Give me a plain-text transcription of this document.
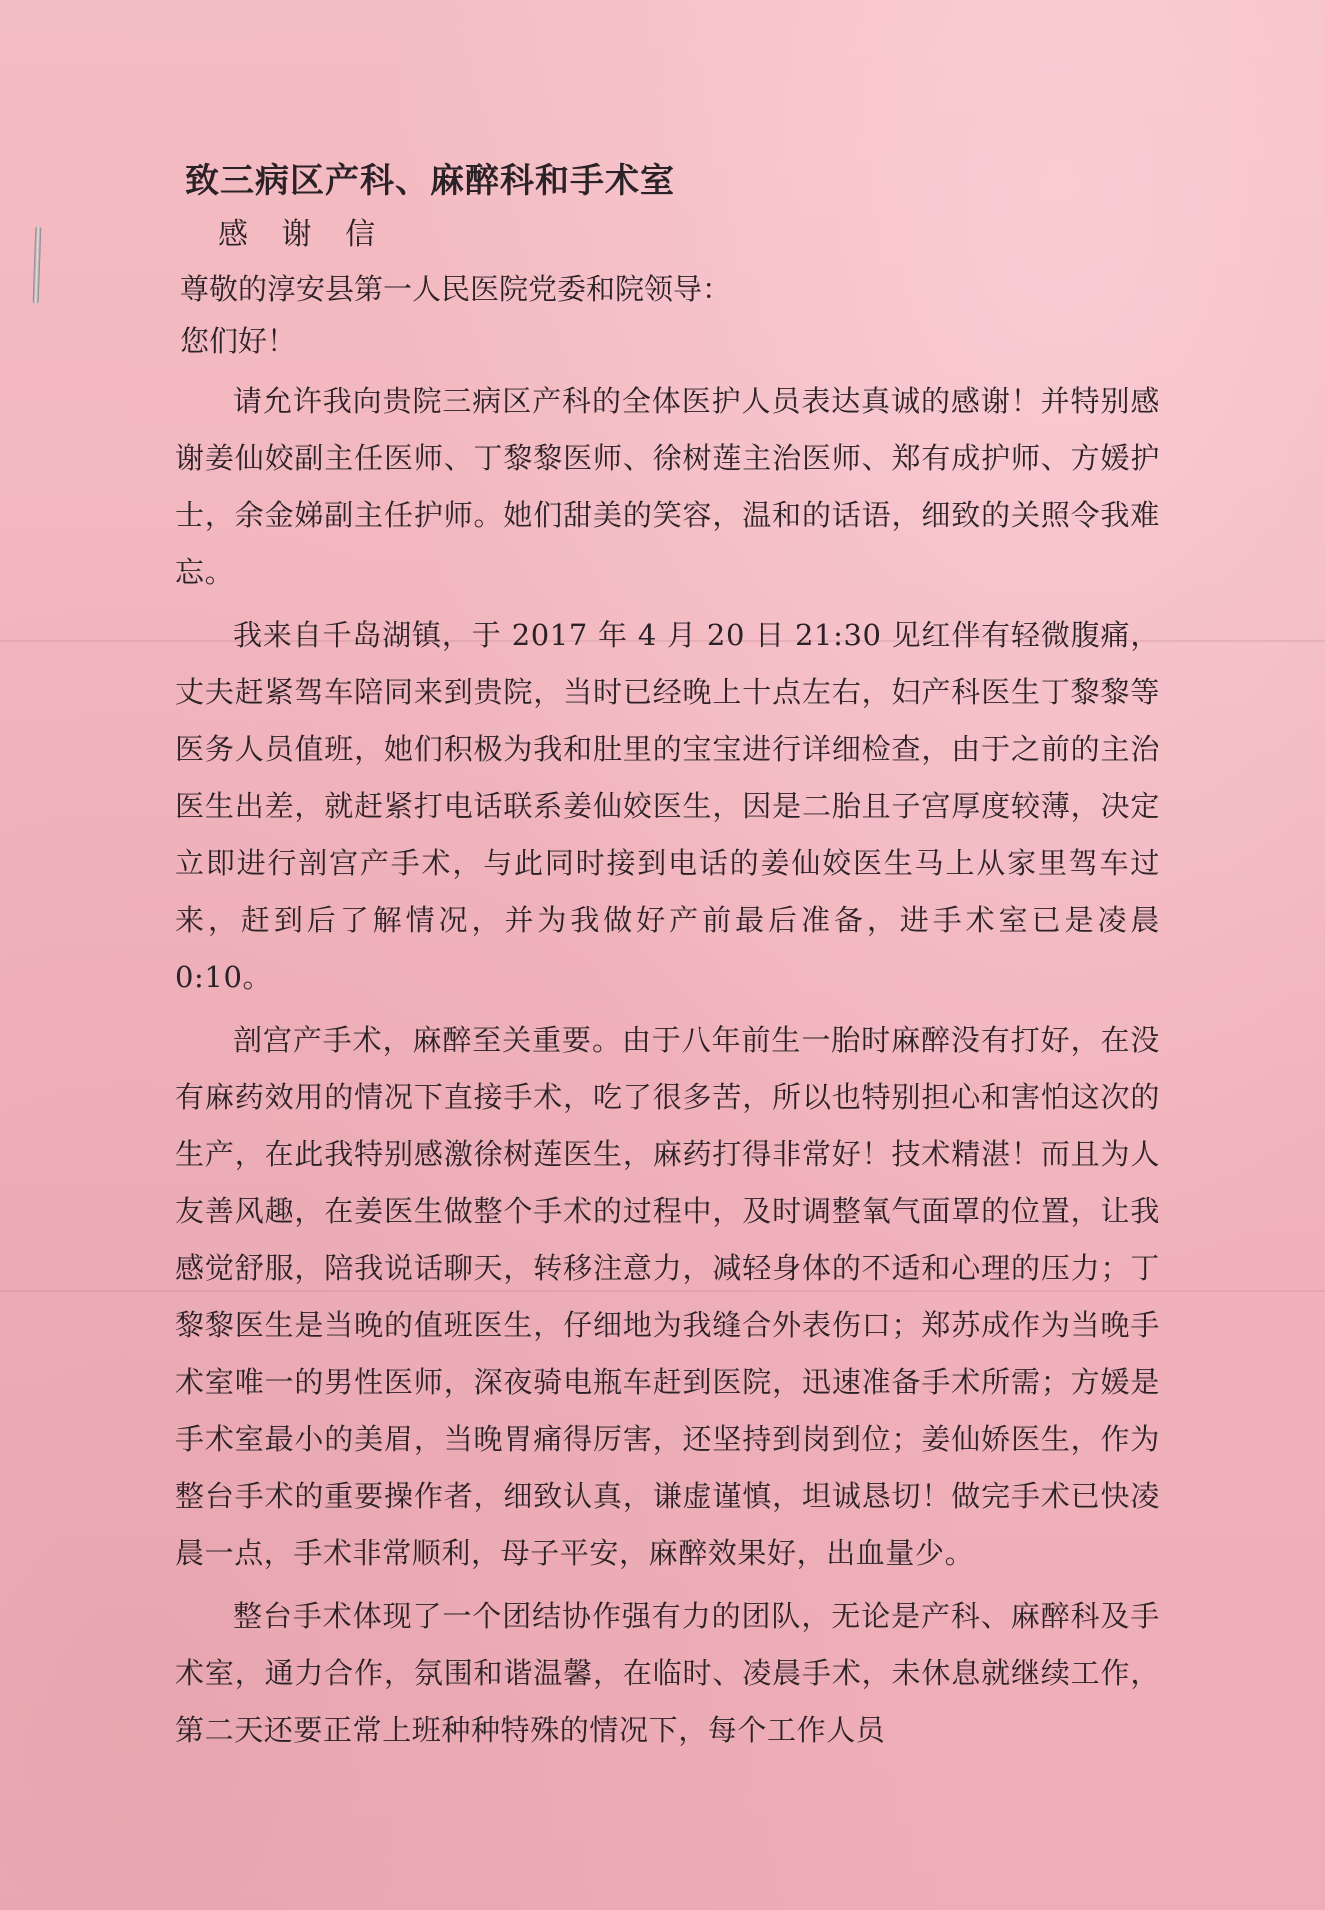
致三病区产科、麻醉科和手术室
感 谢 信
尊敬的淳安县第一人民医院党委和院领导：
您们好！

请允许我向贵院三病区产科的全体医护人员表达真诚的感谢！并特别感谢姜仙姣副主任医师、丁黎黎医师、徐树莲主治医师、郑有成护师、方媛护士，余金娣副主任护师。她们甜美的笑容，温和的话语，细致的关照令我难忘。

我来自千岛湖镇，于 2017 年 4 月 20 日 21:30 见红伴有轻微腹痛，丈夫赶紧驾车陪同来到贵院，当时已经晚上十点左右，妇产科医生丁黎黎等医务人员值班，她们积极为我和肚里的宝宝进行详细检查，由于之前的主治医生出差，就赶紧打电话联系姜仙姣医生，因是二胎且子宫厚度较薄，决定立即进行剖宫产手术，与此同时接到电话的姜仙姣医生马上从家里驾车过来，赶到后了解情况，并为我做好产前最后准备，进手术室已是凌晨 0:10。

剖宫产手术，麻醉至关重要。由于八年前生一胎时麻醉没有打好，在没有麻药效用的情况下直接手术，吃了很多苦，所以也特别担心和害怕这次的生产，在此我特别感激徐树莲医生，麻药打得非常好！技术精湛！而且为人友善风趣，在姜医生做整个手术的过程中，及时调整氧气面罩的位置，让我感觉舒服，陪我说话聊天，转移注意力，减轻身体的不适和心理的压力；丁黎黎医生是当晚的值班医生，仔细地为我缝合外表伤口；郑苏成作为当晚手术室唯一的男性医师，深夜骑电瓶车赶到医院，迅速准备手术所需；方媛是手术室最小的美眉，当晚胃痛得厉害，还坚持到岗到位；姜仙娇医生，作为整台手术的重要操作者，细致认真，谦虚谨慎，坦诚恳切！做完手术已快凌晨一点，手术非常顺利，母子平安，麻醉效果好，出血量少。

整台手术体现了一个团结协作强有力的团队，无论是产科、麻醉科及手术室，通力合作，氛围和谐温馨，在临时、凌晨手术，未休息就继续工作，第二天还要正常上班种种特殊的情况下，每个工作人员
